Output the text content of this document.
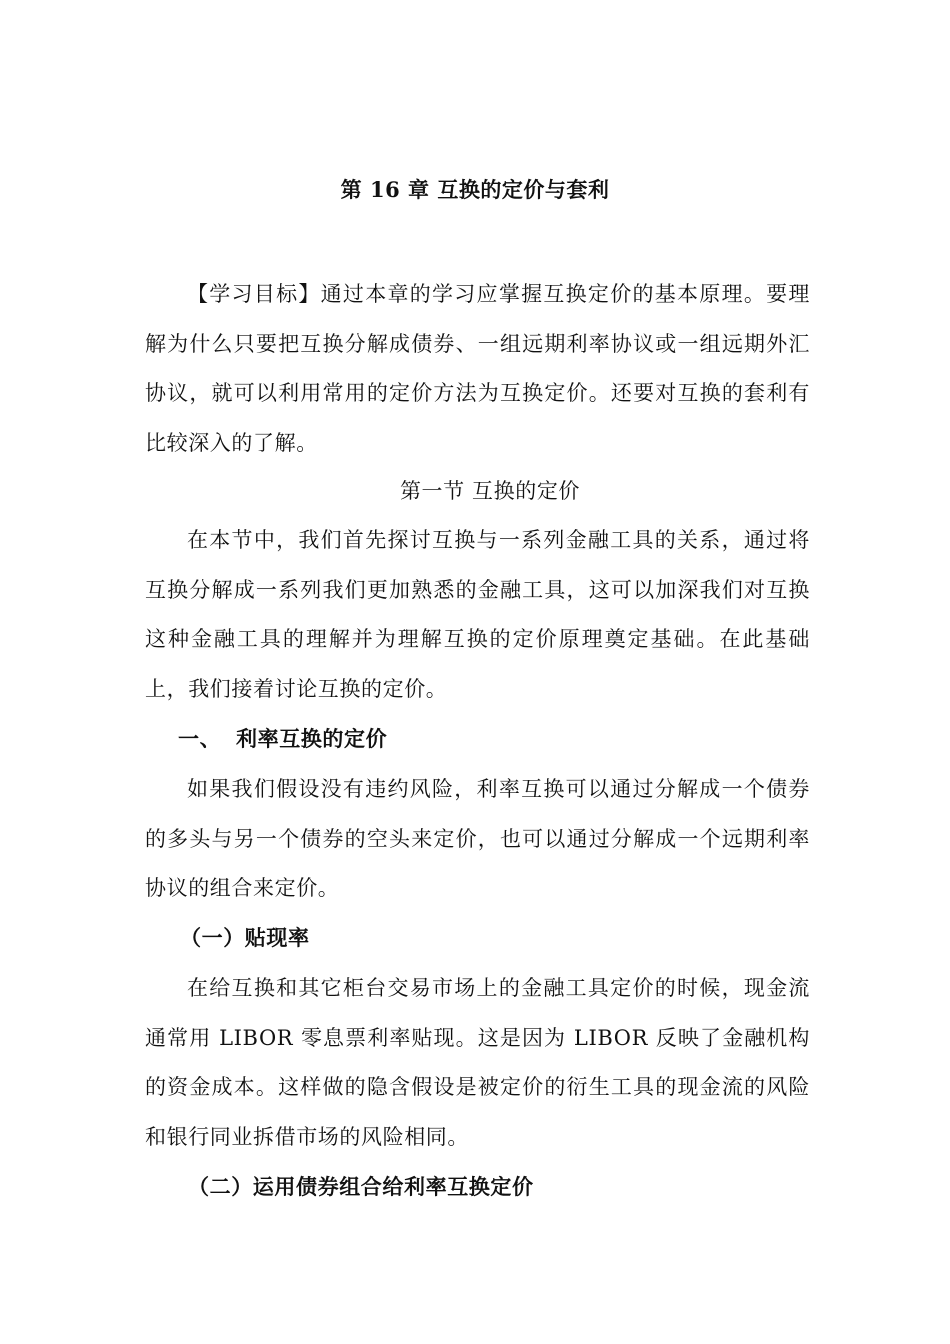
第 16 章 互换的定价与套利

【学习目标】通过本章的学习应掌握互换定价的基本原理。要理解为什么只要把互换分解成债券、一组远期利率协议或一组远期外汇协议，就可以利用常用的定价方法为互换定价。还要对互换的套利有比较深入的了解。

第一节 互换的定价

在本节中，我们首先探讨互换与一系列金融工具的关系，通过将互换分解成一系列我们更加熟悉的金融工具，这可以加深我们对互换这种金融工具的理解并为理解互换的定价原理奠定基础。在此基础上，我们接着讨论互换的定价。

一、 利率互换的定价

如果我们假设没有违约风险，利率互换可以通过分解成一个债券的多头与另一个债券的空头来定价，也可以通过分解成一个远期利率协议的组合来定价。

（一）贴现率

在给互换和其它柜台交易市场上的金融工具定价的时候，现金流通常用 LIBOR 零息票利率贴现。这是因为 LIBOR 反映了金融机构的资金成本。这样做的隐含假设是被定价的衍生工具的现金流的风险和银行同业拆借市场的风险相同。

（二）运用债券组合给利率互换定价
